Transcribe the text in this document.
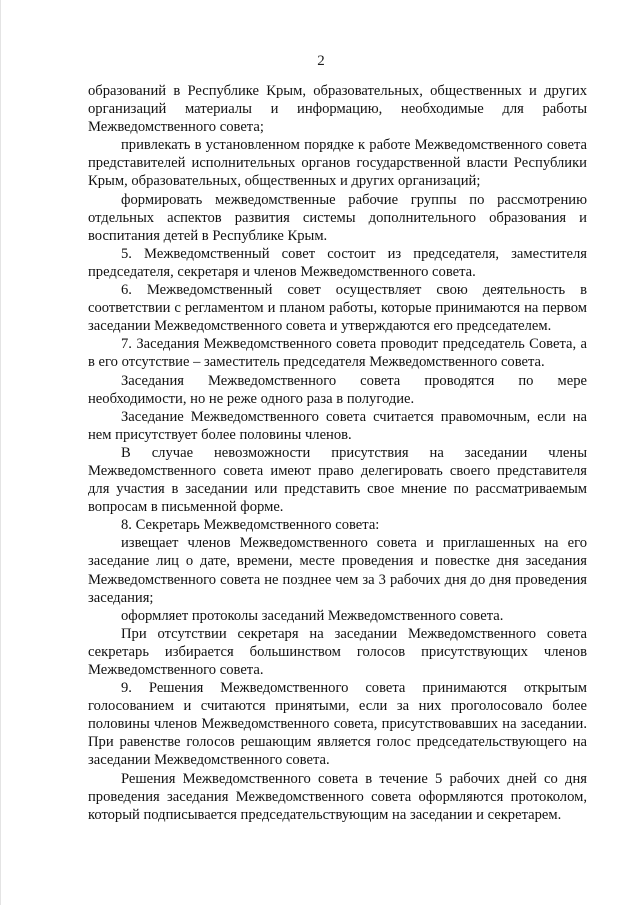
2

образований в Республике Крым, образовательных, общественных и других организаций материалы и информацию, необходимые для работы Межведомственного совета;

привлекать в установленном порядке к работе Межведомственного совета представителей исполнительных органов государственной власти Республики Крым, образовательных, общественных и других организаций;

формировать межведомственные рабочие группы по рассмотрению отдельных аспектов развития системы дополнительного образования и воспитания детей в Республике Крым.

5. Межведомственный совет состоит из председателя, заместителя председателя, секретаря и членов Межведомственного совета.

6. Межведомственный совет осуществляет свою деятельность в соответствии с регламентом и планом работы, которые принимаются на первом заседании Межведомственного совета и утверждаются его председателем.

7. Заседания Межведомственного совета проводит председатель Совета, а в его отсутствие – заместитель председателя Межведомственного совета.

Заседания Межведомственного совета проводятся по мере необходимости, но не реже одного раза в полугодие.

Заседание Межведомственного совета считается правомочным, если на нем присутствует более половины членов.

В случае невозможности присутствия на заседании члены Межведомственного совета имеют право делегировать своего представителя для участия в заседании или представить свое мнение по рассматриваемым вопросам в письменной форме.

8. Секретарь Межведомственного совета:

извещает членов Межведомственного совета и приглашенных на его заседание лиц о дате, времени, месте проведения и повестке дня заседания Межведомственного совета не позднее чем за 3 рабочих дня до дня проведения заседания;

оформляет протоколы заседаний Межведомственного совета.

При отсутствии секретаря на заседании Межведомственного совета секретарь избирается большинством голосов присутствующих членов Межведомственного совета.

9. Решения Межведомственного совета принимаются открытым голосованием и считаются принятыми, если за них проголосовало более половины членов Межведомственного совета, присутствовавших на заседании. При равенстве голосов решающим является голос председательствующего на заседании Межведомственного совета.

Решения Межведомственного совета в течение 5 рабочих дней со дня проведения заседания Межведомственного совета оформляются протоколом, который подписывается председательствующим на заседании и секретарем.
